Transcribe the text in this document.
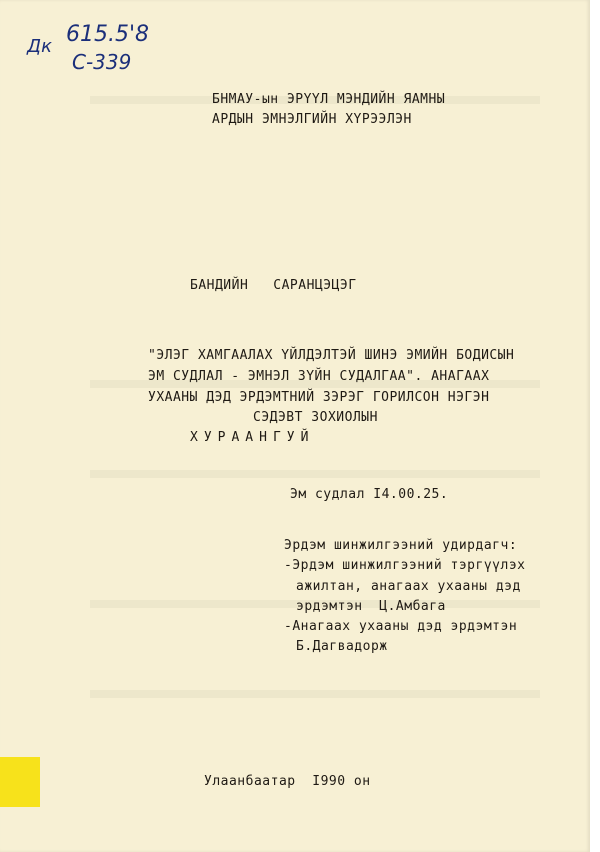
Дк 615.5'8
С-339
БНМАУ-ын ЭРҮҮЛ МЭНДИЙН ЯАМНЫ
АРДЫН ЭМНЭЛГИЙН ХҮРЭЭЛЭН
БАНДИЙН   САРАНЦЭЦЭГ
"ЭЛЭГ ХАМГААЛАХ ҮЙЛДЭЛТЭЙ ШИНЭ ЭМИЙН БОДИСЫН
ЭМ СУДЛАЛ - ЭМНЭЛ ЗҮЙН СУДАЛГАА". АНАГААХ
УХААНЫ ДЭД ЭРДЭМТНИЙ ЗЭРЭГ ГОРИЛСОН НЭГЭН
СЭДЭВТ ЗОХИОЛЫН
ХУРААНГУЙ
Эм судлал I4.00.25.
Эрдэм шинжилгээний удирдагч:
-Эрдэм шинжилгээний тэргүүлэх
ажилтан, анагаах ухааны дэд
эрдэмтэн  Ц.Амбага
-Анагаах ухааны дэд эрдэмтэн
Б.Дагвадорж
Улаанбаатар  I990 он
